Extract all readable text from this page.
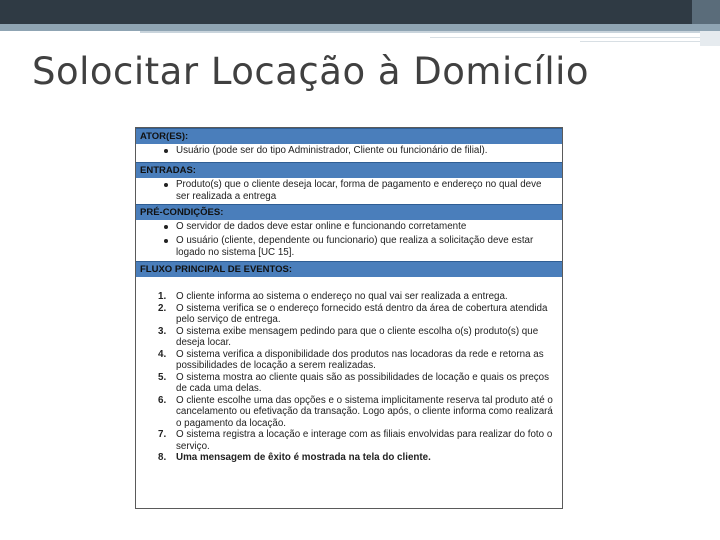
Solocitar Locação à Domicílio
ATOR(ES):
Usuário (pode ser do tipo Administrador, Cliente ou funcionário de filial).
ENTRADAS:
Produto(s) que o cliente deseja locar, forma de pagamento e endereço no qual deve ser realizada a entrega
PRÉ-CONDIÇÕES:
O servidor de dados deve estar online e funcionando corretamente
O usuário (cliente, dependente ou funcionario) que realiza a solicitação deve estar logado no sistema [UC 15].
FLUXO PRINCIPAL DE EVENTOS:
1. O cliente informa ao sistema o endereço no qual vai ser realizada a entrega.
2. O sistema verifica se o endereço fornecido está dentro da área de cobertura atendida pelo serviço de entrega.
3. O sistema exibe mensagem pedindo para que o cliente escolha o(s) produto(s) que deseja locar.
4. O sistema verifica a disponibilidade dos produtos nas locadoras da rede e retorna as possibilidades de locação a serem realizadas.
5. O sistema mostra ao cliente quais são as possibilidades de locação e quais os preços de cada uma delas.
6. O cliente escolhe uma das opções e o sistema implicitamente reserva tal produto até o cancelamento ou efetivação da transação. Logo após, o cliente informa como realizará o pagamento da locação.
7. O sistema registra a locação e interage com as filiais envolvidas para realizar do foto o serviço.
8. Uma mensagem de êxito é mostrada na tela do cliente.
